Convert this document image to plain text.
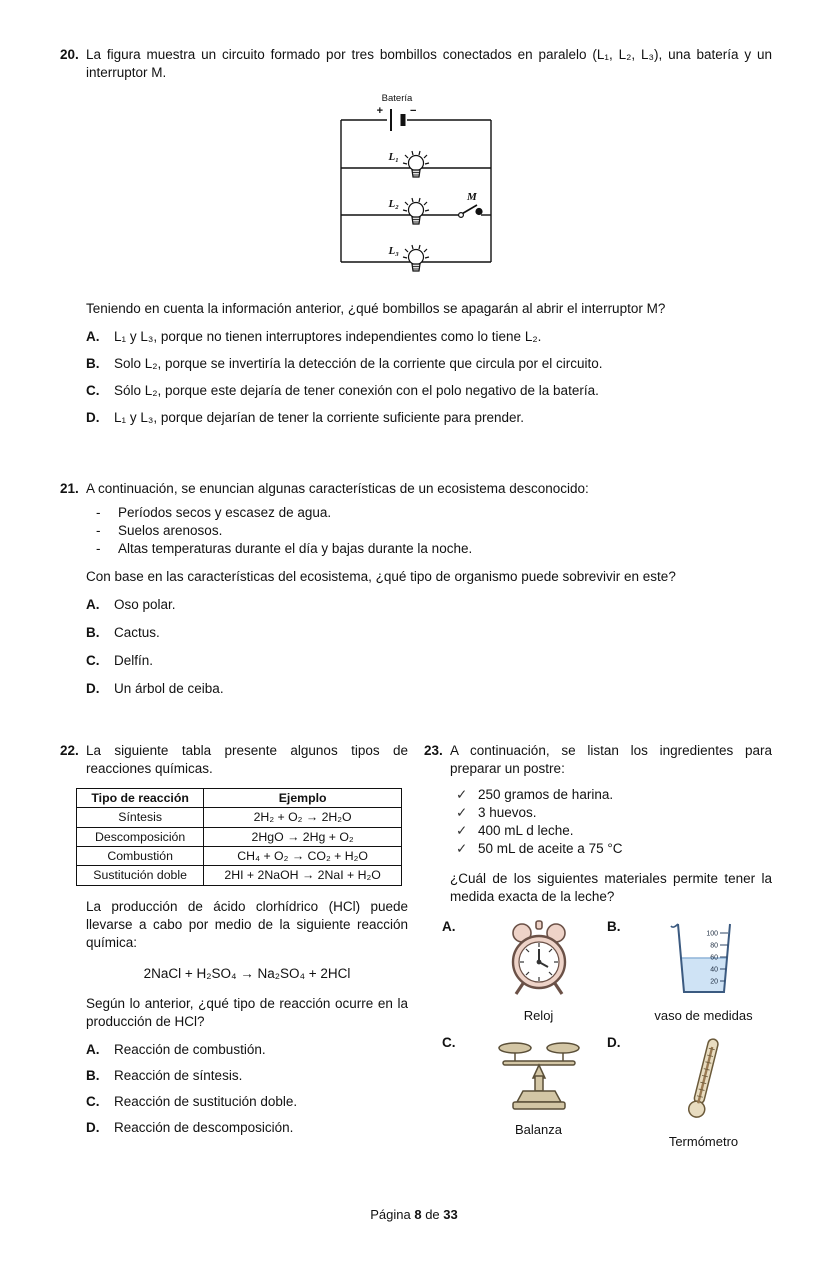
20. La figura muestra un circuito formado por tres bombillos conectados en paralelo (L₁, L₂, L₃), una batería y un interruptor M.

+ −
Batería
L₁
L₂
L₃
M

Teniendo en cuenta la información anterior, ¿qué bombillos se apagarán al abrir el interruptor M?

A.	L₁ y L₃, porque no tienen interruptores independientes como lo tiene L₂.
B.	Solo L₂, porque se invertiría la detección de la corriente que circula por el circuito.
C.	Sólo L₂, porque este dejaría de tener conexión con el polo negativo de la batería.
D.	L₁ y L₃, porque dejarían de tener la corriente suficiente para prender.
21. A continuación, se enuncian algunas características de un ecosistema desconocido:

-	Períodos secos y escasez de agua.
-	Suelos arenosos.
-	Altas temperaturas durante el día y bajas durante la noche.

Con base en las características del ecosistema, ¿qué tipo de organismo puede sobrevivir en este?

A.	Oso polar.
B.	Cactus.
C.	Delfín.
D.	Un árbol de ceiba.
22. La siguiente tabla presente algunos tipos de reacciones químicas.

Tipo de reacción	Ejemplo
Síntesis	2H₂ + O₂ → 2H₂O
Descomposición	2HgO → 2Hg + O₂
Combustión	CH₄ + O₂ → CO₂ + H₂O
Sustitución doble	2HI + 2NaOH → 2NaI + H₂O

La producción de ácido clorhídrico (HCl) puede llevarse a cabo por medio de la siguiente reacción química:

2NaCl + H₂SO₄ → Na₂SO₄ + 2HCl

Según lo anterior, ¿qué tipo de reacción ocurre en la producción de HCl?

A.	Reacción de combustión.
B.	Reacción de síntesis.
C.	Reacción de sustitución doble.
D.	Reacción de descomposición.
23. A continuación, se listan los ingredientes para preparar un postre:

✓ 250 gramos de harina.
✓ 3 huevos.
✓ 400 mL d leche.
✓ 50 mL de aceite a 75 °C

¿Cuál de los siguientes materiales permite tener la medida exacta de la leche?

A.
Reloj
B.	100
80
60
40
20
vaso de medidas
C.
Balanza
D.
Termómetro
Página 8 de 33
